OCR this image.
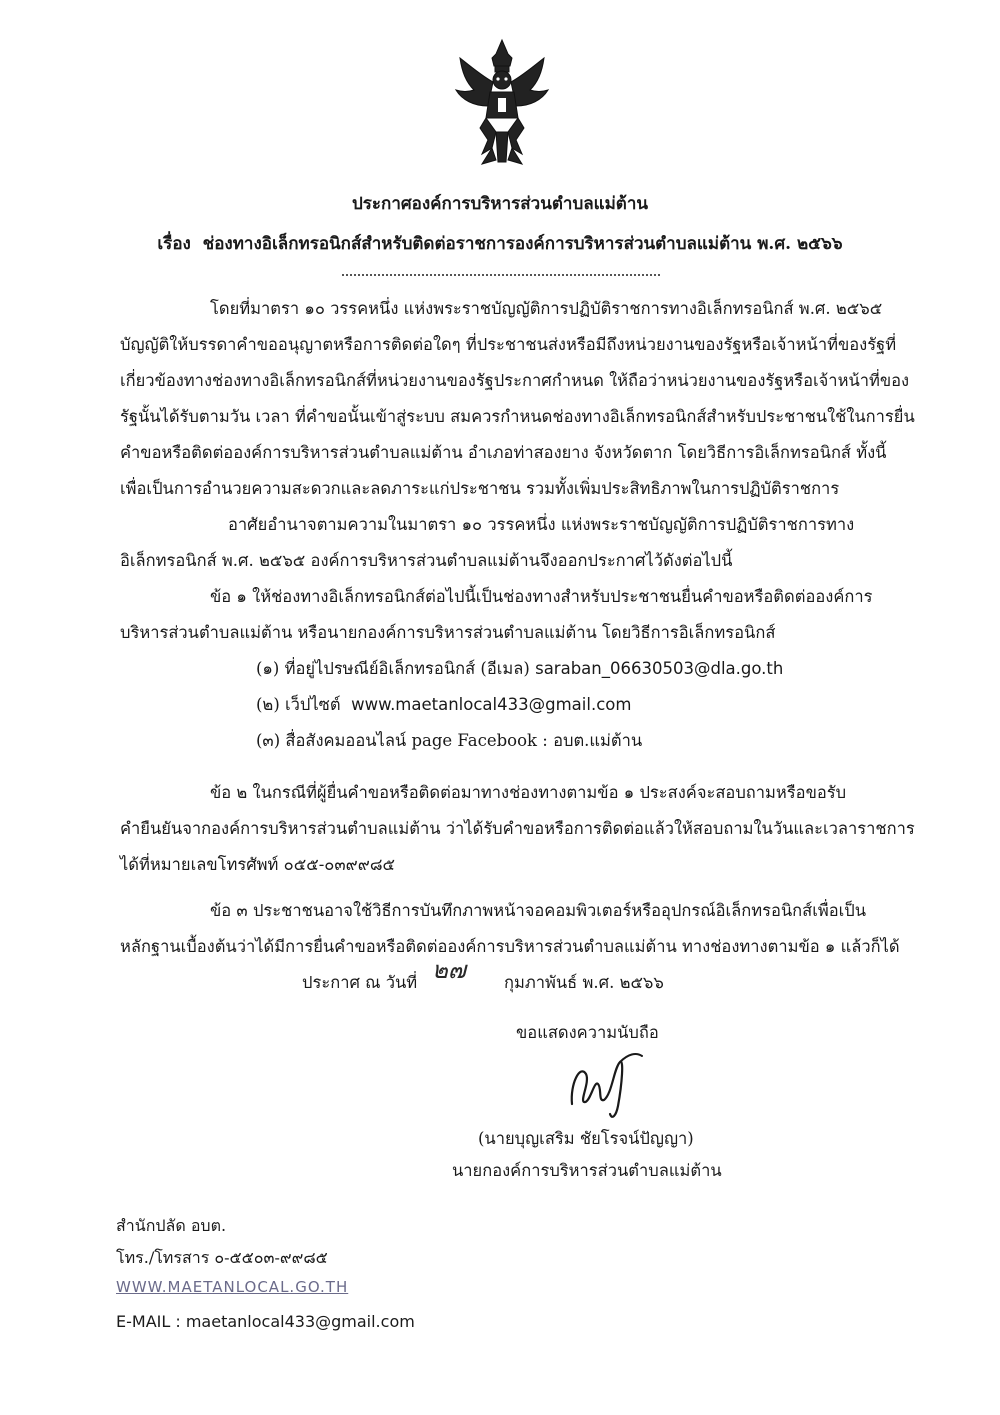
ประกาศองค์การบริหารส่วนตำบลแม่ต้าน
เรื่อง ช่องทางอิเล็กทรอนิกส์สำหรับติดต่อราชการองค์การบริหารส่วนตำบลแม่ต้าน พ.ศ. ๒๕๖๖
โดยที่มาตรา ๑๐ วรรคหนึ่ง แห่งพระราชบัญญัติการปฏิบัติราชการทางอิเล็กทรอนิกส์ พ.ศ. ๒๕๖๕
บัญญัติให้บรรดาคำขออนุญาตหรือการติดต่อใดๆ ที่ประชาชนส่งหรือมีถึงหน่วยงานของรัฐหรือเจ้าหน้าที่ของรัฐที่
เกี่ยวข้องทางช่องทางอิเล็กทรอนิกส์ที่หน่วยงานของรัฐประกาศกำหนด ให้ถือว่าหน่วยงานของรัฐหรือเจ้าหน้าที่ของ
รัฐนั้นได้รับตามวัน เวลา ที่คำขอนั้นเข้าสู่ระบบ สมควรกำหนดช่องทางอิเล็กทรอนิกส์สำหรับประชาชนใช้ในการยื่น
คำขอหรือติดต่อองค์การบริหารส่วนตำบลแม่ต้าน อำเภอท่าสองยาง จังหวัดตาก โดยวิธีการอิเล็กทรอนิกส์ ทั้งนี้
เพื่อเป็นการอำนวยความสะดวกและลดภาระแก่ประชาชน รวมทั้งเพิ่มประสิทธิภาพในการปฏิบัติราชการ
อาศัยอำนาจตามความในมาตรา ๑๐ วรรคหนึ่ง แห่งพระราชบัญญัติการปฏิบัติราชการทาง
อิเล็กทรอนิกส์ พ.ศ. ๒๕๖๕ องค์การบริหารส่วนตำบลแม่ต้านจึงออกประกาศไว้ดังต่อไปนี้
ข้อ ๑ ให้ช่องทางอิเล็กทรอนิกส์ต่อไปนี้เป็นช่องทางสำหรับประชาชนยื่นคำขอหรือติดต่อองค์การ
บริหารส่วนตำบลแม่ต้าน หรือนายกองค์การบริหารส่วนตำบลแม่ต้าน โดยวิธีการอิเล็กทรอนิกส์
(๑) ที่อยู่ไปรษณีย์อิเล็กทรอนิกส์ (อีเมล) saraban_06630503@dla.go.th
(๒) เว็ปไซต์ www.maetanlocal433@gmail.com
(๓) สื่อสังคมออนไลน์ page Facebook : อบต.แม่ต้าน
ข้อ ๒ ในกรณีที่ผู้ยื่นคำขอหรือติดต่อมาทางช่องทางตามข้อ ๑ ประสงค์จะสอบถามหรือขอรับ
คำยืนยันจากองค์การบริหารส่วนตำบลแม่ต้าน ว่าได้รับคำขอหรือการติดต่อแล้วให้สอบถามในวันและเวลาราชการ
ได้ที่หมายเลขโทรศัพท์ ๐๕๕-๐๓๙๙๘๕
ข้อ ๓ ประชาชนอาจใช้วิธีการบันทึกภาพหน้าจอคอมพิวเตอร์หรืออุปกรณ์อิเล็กทรอนิกส์เพื่อเป็น
หลักฐานเบื้องต้นว่าได้มีการยื่นคำขอหรือติดต่อองค์การบริหารส่วนตำบลแม่ต้าน ทางช่องทางตามข้อ ๑ แล้วก็ได้
ประกาศ ณ วันที่ ๒๗	กุมภาพันธ์ พ.ศ. ๒๕๖๖
ขอแสดงความนับถือ
(นายบุญเสริม ชัยโรจน์ปัญญา)
นายกองค์การบริหารส่วนตำบลแม่ต้าน
สำนักปลัด อบต.
โทร./โทรสาร ๐-๕๕๐๓-๙๙๘๕
WWW.MAETANLOCAL.GO.TH
E-MAIL : maetanlocal433@gmail.com
